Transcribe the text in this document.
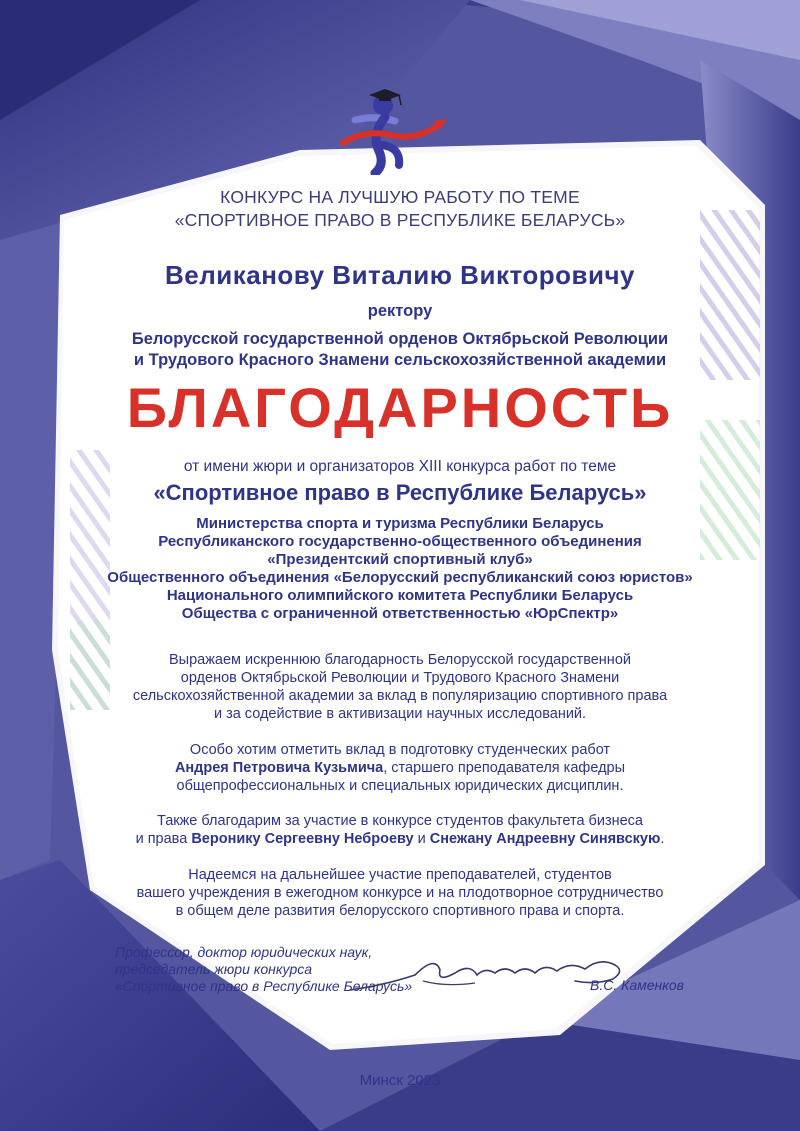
КОНКУРС НА ЛУЧШУЮ РАБОТУ ПО ТЕМЕ
«СПОРТИВНОЕ ПРАВО В РЕСПУБЛИКЕ БЕЛАРУСЬ»
Великанову Виталию Викторовичу
ректору
Белорусской государственной орденов Октябрьской Революции
и Трудового Красного Знамени сельскохозяйственной академии
БЛАГОДАРНОСТЬ
от имени жюри и организаторов XIII конкурса работ по теме
«Спортивное право в Республике Беларусь»
Министерства спорта и туризма Республики Беларусь
Республиканского государственно-общественного объединения
«Президентский спортивный клуб»
Общественного объединения «Белорусский республиканский союз юристов»
Национального олимпийского комитета Республики Беларусь
Общества с ограниченной ответственностью «ЮрСпектр»
Выражаем искреннюю благодарность Белорусской государственной
орденов Октябрьской Революции и Трудового Красного Знамени
сельскохозяйственной академии за вклад в популяризацию спортивного права
и за содействие в активизации научных исследований.
Особо хотим отметить вклад в подготовку студенческих работ
Андрея Петровича Кузьмича, старшего преподавателя кафедры
общепрофессиональных и специальных юридических дисциплин.
Также благодарим за участие в конкурсе студентов факультета бизнеса
и права Веронику Сергеевну Неброеву и Снежану Андреевну Синявскую.
Надеемся на дальнейшее участие преподавателей, студентов
вашего учреждения в ежегодном конкурсе и на плодотворное сотрудничество
в общем деле развития белорусского спортивного права и спорта.
Профессор, доктор юридических наук,
председатель жюри конкурса
«Спортивное право в Республике Беларусь»	В.С. Каменков
Минск 2023
